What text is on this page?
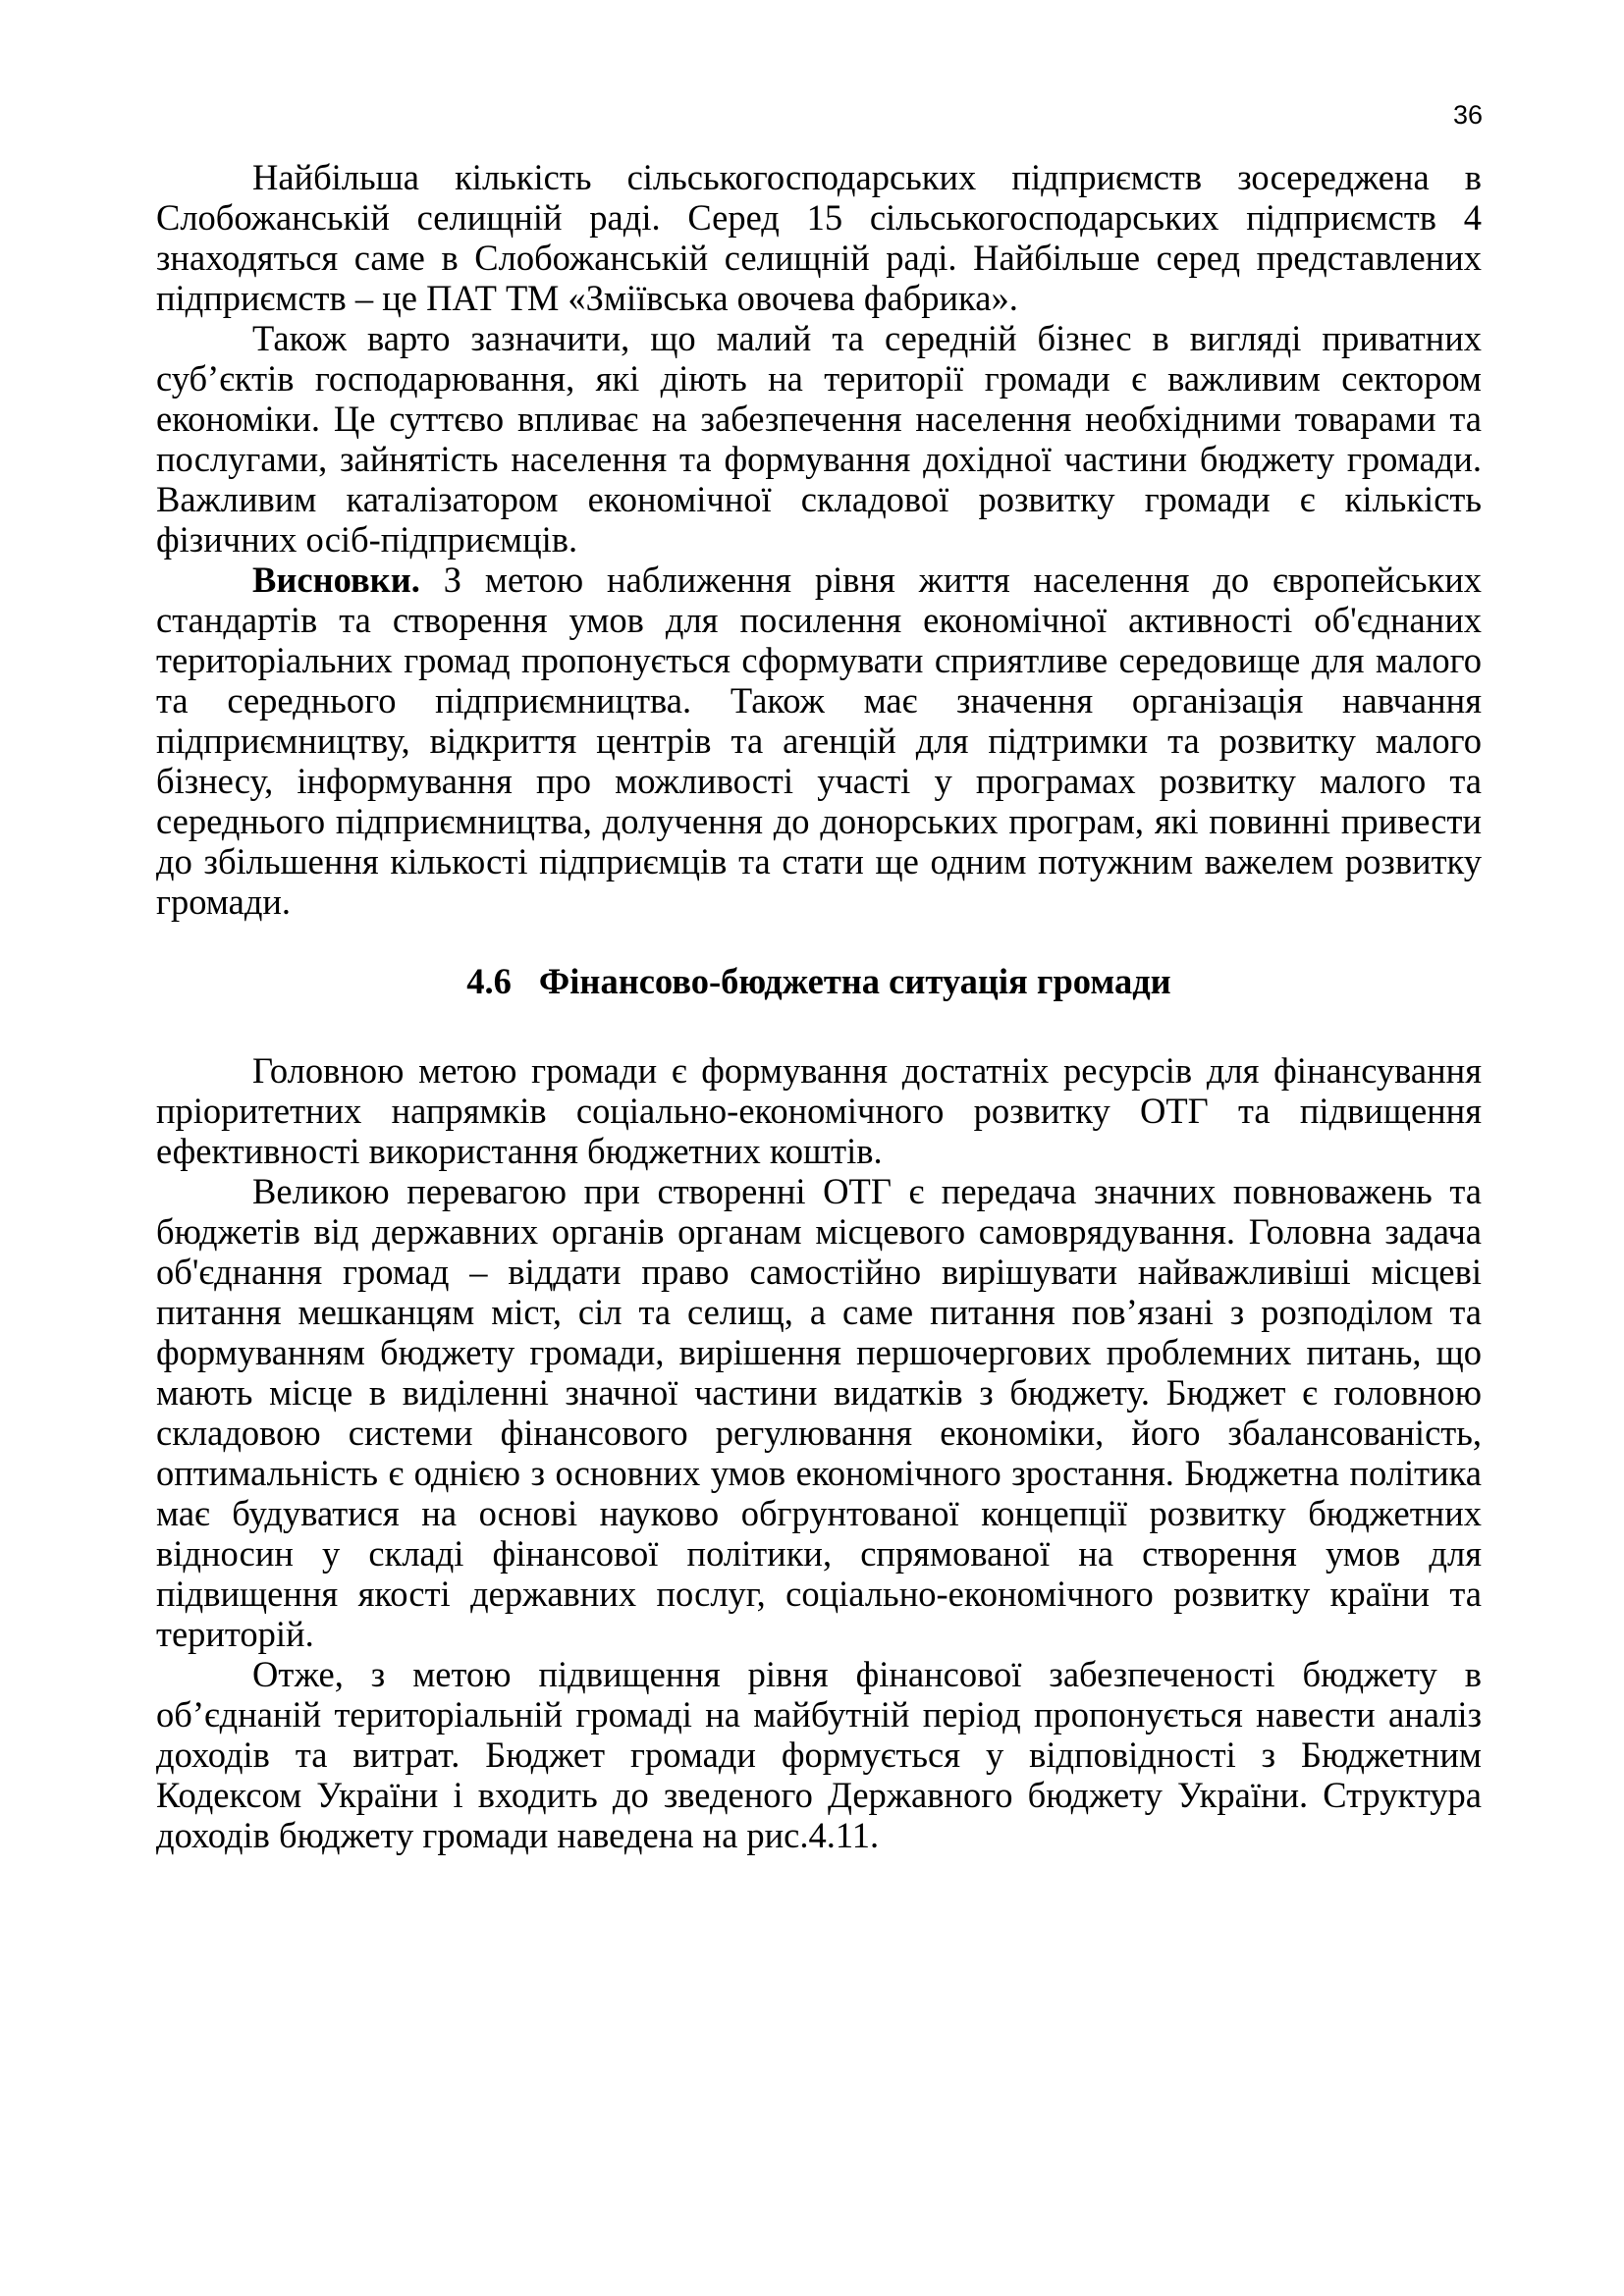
36

Найбільша кількість сільськогосподарських підприємств зосереджена в Слобожанській селищній раді. Серед 15 сільськогосподарських підприємств 4 знаходяться саме в Слобожанській селищній раді. Найбільше серед представлених підприємств – це ПАТ ТМ «Зміївська овочева фабрика».

Також варто зазначити, що малий та середній бізнес в вигляді приватних суб’єктів господарювання, які діють на території громади є важливим сектором економіки. Це суттєво впливає на забезпечення населення необхідними товарами та послугами, зайнятість населення та формування дохідної частини бюджету громади. Важливим каталізатором економічної складової розвитку громади є кількість фізичних осіб-підприємців.

Висновки. З метою наближення рівня життя населення до європейських стандартів та створення умов для посилення економічної активності об'єднаних територіальних громад пропонується сформувати сприятливе середовище для малого та середнього підприємництва. Також має значення організація навчання підприємництву, відкриття центрів та агенцій для підтримки та розвитку малого бізнесу, інформування про можливості участі у програмах розвитку малого та середнього підприємництва, долучення до донорських програм, які повинні привести до збільшення кількості підприємців та стати ще одним потужним важелем розвитку громади.

4.6 Фінансово-бюджетна ситуація громади

Головною метою громади є формування достатніх ресурсів для фінансування пріоритетних напрямків соціально-економічного розвитку ОТГ та підвищення ефективності використання бюджетних коштів.

Великою перевагою при створенні ОТГ є передача значних повноважень та бюджетів від державних органів органам місцевого самоврядування. Головна задача об'єднання громад – віддати право самостійно вирішувати найважливіші місцеві питання мешканцям міст, сіл та селищ, а саме питання пов’язані з розподілом та формуванням бюджету громади, вирішення першочергових проблемних питань, що мають місце в виділенні значної частини видатків з бюджету. Бюджет є головною складовою системи фінансового регулювання економіки, його збалансованість, оптимальність є однією з основних умов економічного зростання. Бюджетна політика має будуватися на основі науково обгрунтованої концепції розвитку бюджетних відносин у складі фінансової політики, спрямованої на створення умов для підвищення якості державних послуг, соціально-економічного розвитку країни та територій.

Отже, з метою підвищення рівня фінансової забезпеченості бюджету в об’єднаній територіальній громаді на майбутній період пропонується навести аналіз доходів та витрат. Бюджет громади формується у відповідності з Бюджетним Кодексом України і входить до зведеного Державного бюджету України. Структура доходів бюджету громади наведена на рис.4.11.
